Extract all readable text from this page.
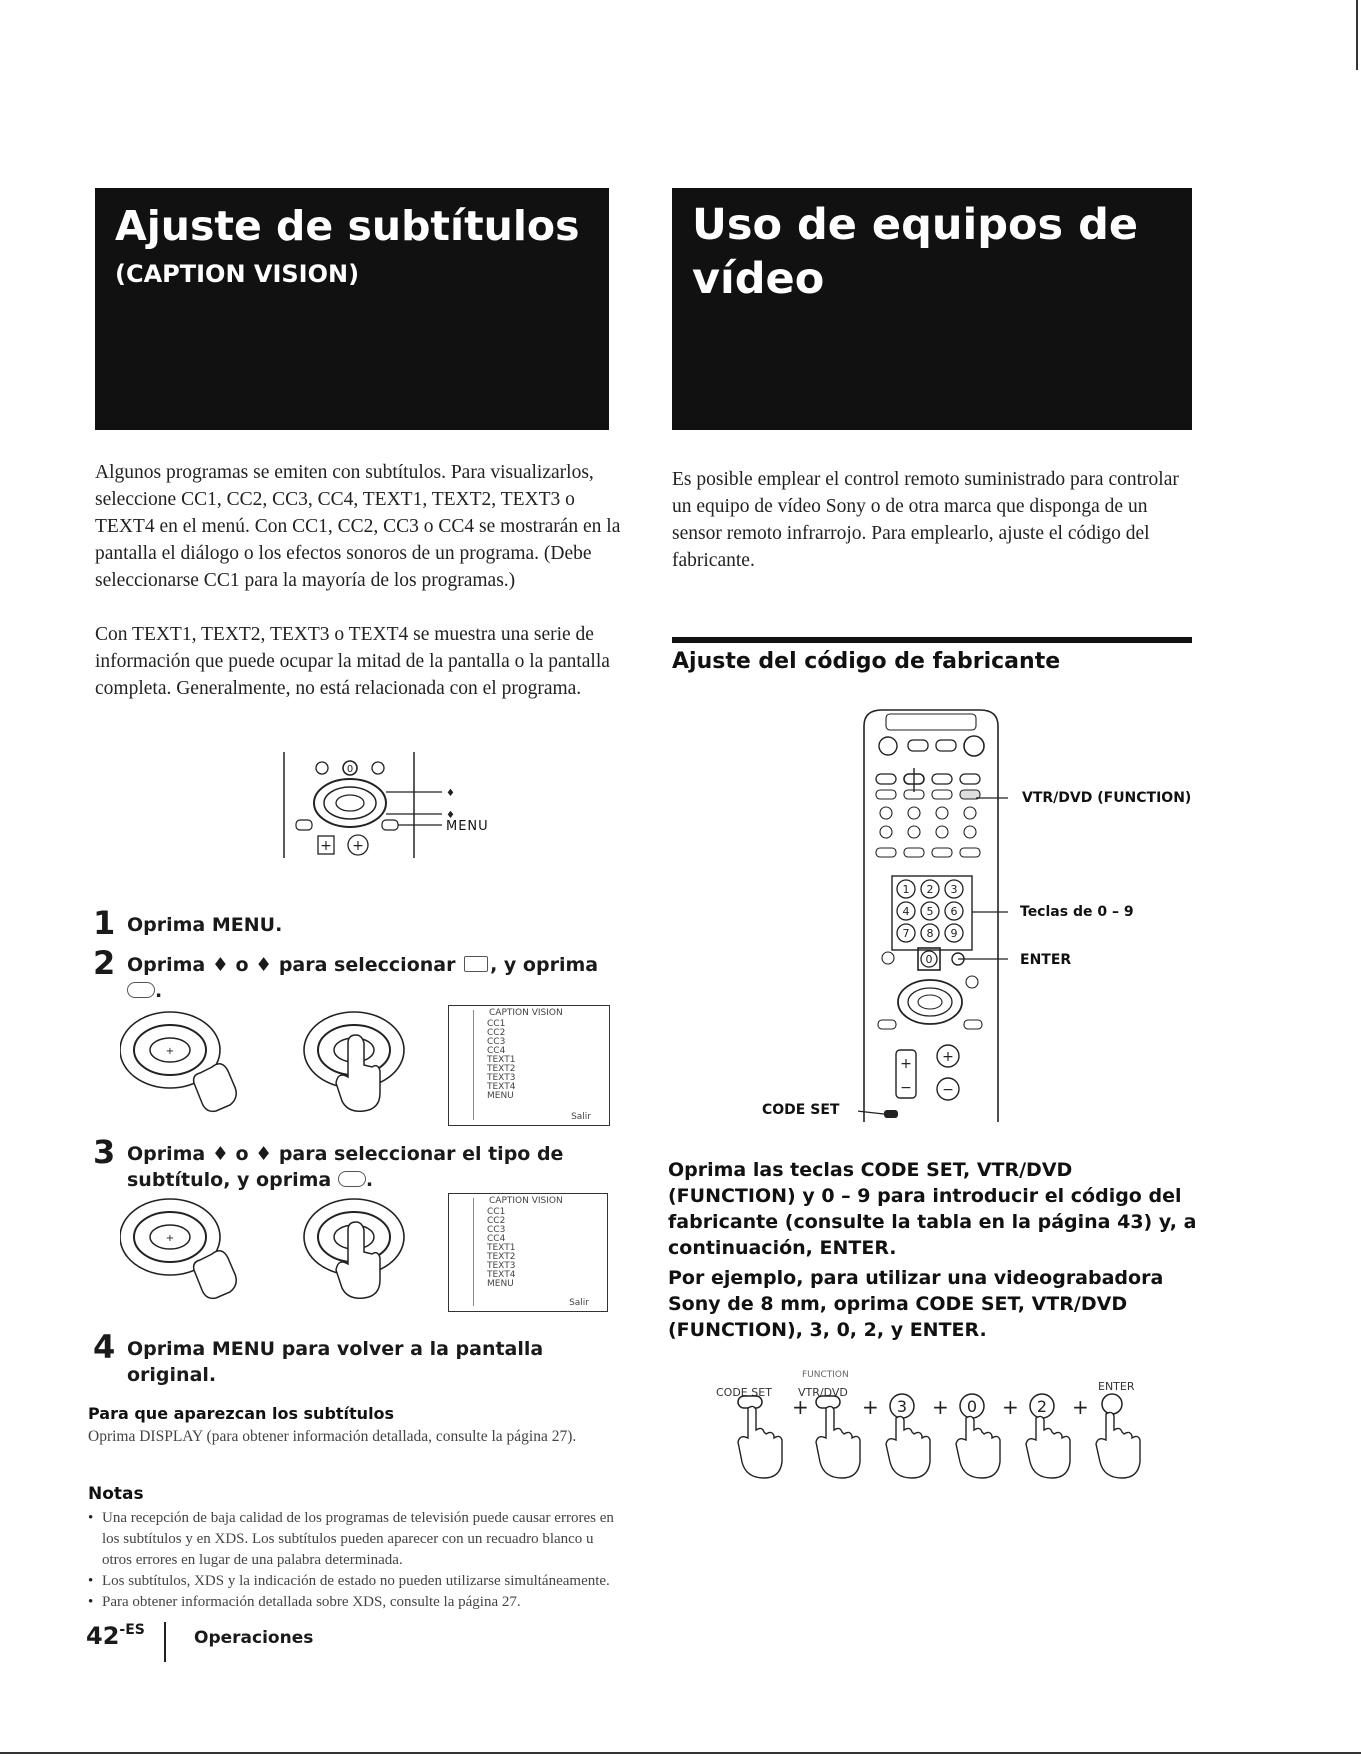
Ajuste de subtítulos
(CAPTION VISION)
Uso de equipos de
vídeo

Algunos programas se emiten con subtítulos. Para visualizarlos, seleccione CC1, CC2, CC3, CC4, TEXT1, TEXT2, TEXT3 o TEXT4 en el menú. Con CC1, CC2, CC3 o CC4 se mostrarán en la pantalla el diálogo o los efectos sonoros de un programa. (Debe seleccionarse CC1 para la mayoría de los programas.)

Con TEXT1, TEXT2, TEXT3 o TEXT4 se muestra una serie de información que puede ocupar la mitad de la pantalla o la pantalla completa. Generalmente, no está relacionada con el programa.

0
+ +
♦
♦
MENU
1 Oprima MENU.
2 Oprima ♦ o ♦ para seleccionar , y oprima
.
+
CAPTION VISION
CC1
CC2
CC3
CC4
TEXT1
TEXT2
TEXT3
TEXT4
MENU
Salir
3 Oprima ♦ o ♦ para seleccionar el tipo de subtítulo, y oprima .
+
CAPTION VISION
CC1
CC2
CC3
CC4
TEXT1
TEXT2
TEXT3
TEXT4
MENU
Salir
4 Oprima MENU para volver a la pantalla original.
Para que aparezcan los subtítulos

Oprima DISPLAY (para obtener información detallada, consulte la página 27).

Notas
• Una recepción de baja calidad de los programas de televisión puede causar errores en los subtítulos y en XDS. Los subtítulos pueden aparecer con un recuadro blanco u otros errores en lugar de una palabra determinada.
• Los subtítulos, XDS y la indicación de estado no pueden utilizarse simultáneamente.
• Para obtener información detallada sobre XDS, consulte la página 27.
42-ES	Operaciones

Es posible emplear el control remoto suministrado para controlar un equipo de vídeo Sony o de otra marca que disponga de un sensor remoto infrarrojo. Para emplearlo, ajuste el código del fabricante.

Ajuste del código de fabricante
1 2 3
4 5 6
7 8 9
0
+
−
+
−
VTR/DVD (FUNCTION)
Teclas de 0 – 9
ENTER
CODE SET

Oprima las teclas CODE SET, VTR/DVD (FUNCTION) y 0 – 9 para introducir el código del fabricante (consulte la tabla en la página 43) y, a continuación, ENTER.

Por ejemplo, para utilizar una videograbadora Sony de 8 mm, oprima CODE SET, VTR/DVD (FUNCTION), 3, 0, 2, y ENTER.

FUNCTION
CODE SET VTR/DVD	ENTER
+	+ 3 + 0 + 2 +
